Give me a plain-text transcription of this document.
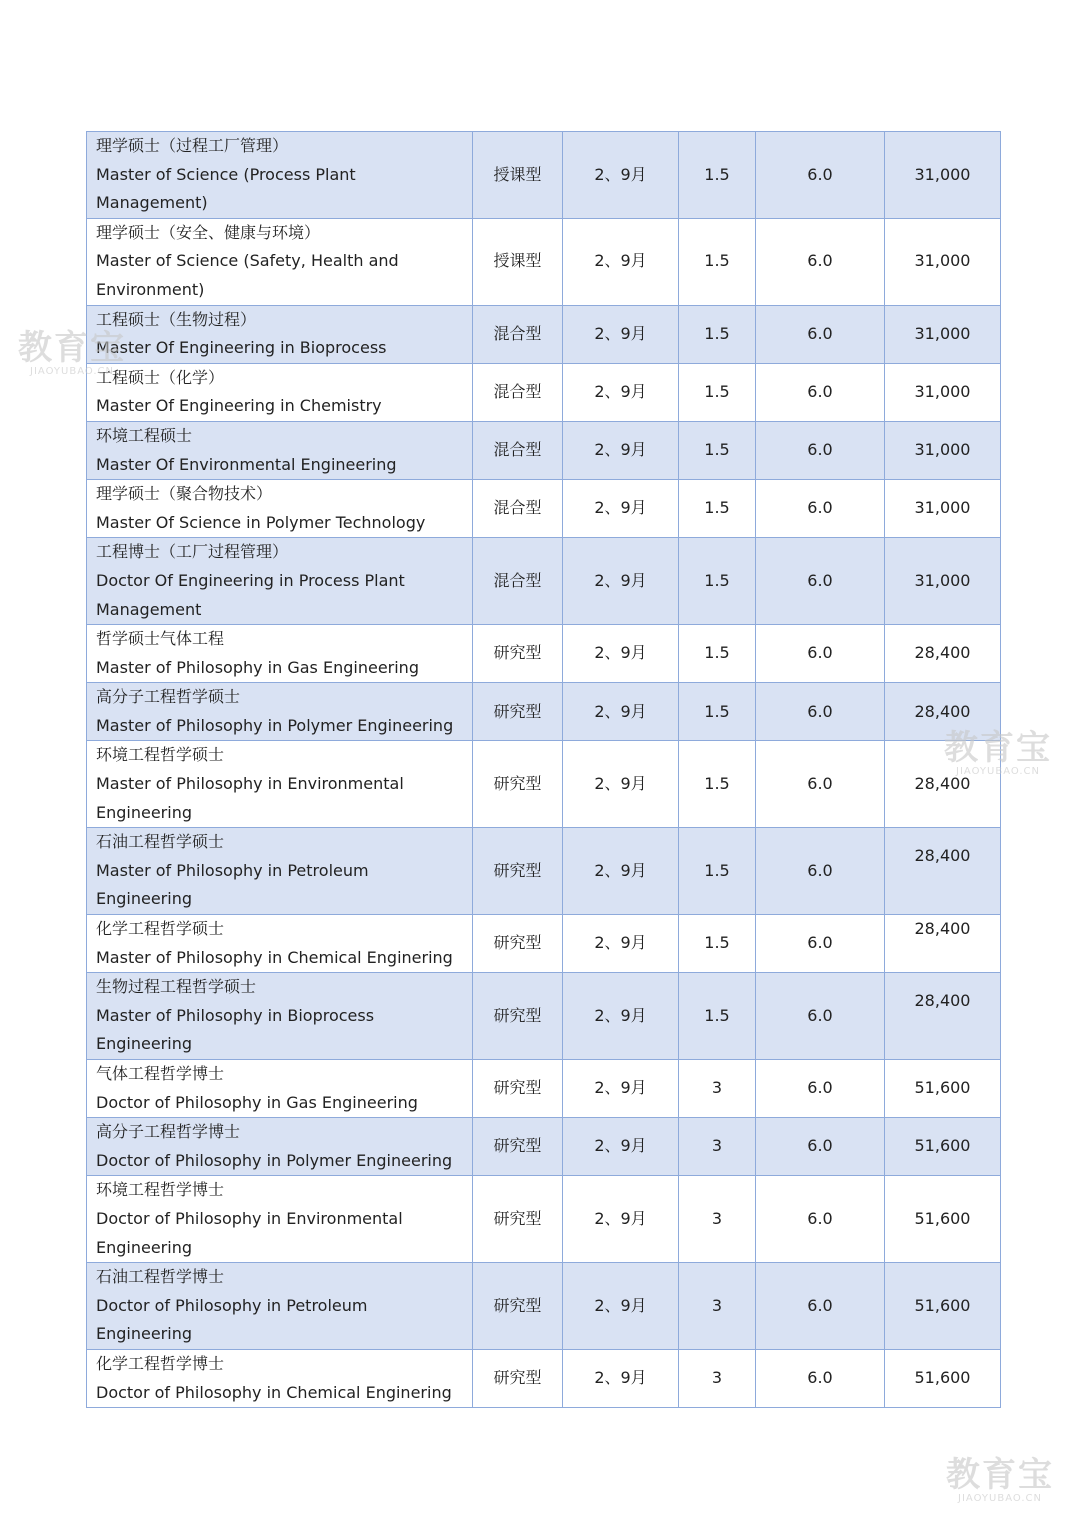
理学硕士（过程工厂管理）
Master of Science (Process Plant
Management)	授课型	2、9月	1.5	6.0	31,000

理学硕士（安全、健康与环境）
Master of Science (Safety, Health and
Environment)	授课型	2、9月	1.5	6.0	31,000

工程硕士（生物过程）
Master Of Engineering in Bioprocess	混合型	2、9月	1.5	6.0	31,000

工程硕士（化学）
Master Of Engineering in Chemistry	混合型	2、9月	1.5	6.0	31,000

环境工程硕士
Master Of Environmental Engineering	混合型	2、9月	1.5	6.0	31,000

理学硕士（聚合物技术）
Master Of Science in Polymer Technology	混合型	2、9月	1.5	6.0	31,000

工程博士（工厂过程管理）
Doctor Of Engineering in Process Plant
Management	混合型	2、9月	1.5	6.0	31,000

哲学硕士气体工程
Master of Philosophy in Gas Engineering	研究型	2、9月	1.5	6.0	28,400

高分子工程哲学硕士
Master of Philosophy in Polymer Engineering	研究型	2、9月	1.5	6.0	28,400

环境工程哲学硕士
Master of Philosophy in Environmental
Engineering	研究型	2、9月	1.5	6.0	28,400

石油工程哲学硕士
Master of Philosophy in Petroleum
Engineering	研究型	2、9月	1.5	6.0	28,400

化学工程哲学硕士
Master of Philosophy in Chemical Enginering	研究型	2、9月	1.5	6.0	28,400

生物过程工程哲学硕士
Master of Philosophy in Bioprocess
Engineering	研究型	2、9月	1.5	6.0	28,400

气体工程哲学博士
Doctor of Philosophy in Gas Engineering	研究型	2、9月	3	6.0	51,600

高分子工程哲学博士
Doctor of Philosophy in Polymer Engineering	研究型	2、9月	3	6.0	51,600

环境工程哲学博士
Doctor of Philosophy in Environmental
Engineering	研究型	2、9月	3	6.0	51,600

石油工程哲学博士
Doctor of Philosophy in Petroleum
Engineering	研究型	2、9月	3	6.0	51,600

化学工程哲学博士
Doctor of Philosophy in Chemical Enginering	研究型	2、9月	3	6.0	51,600
教育宝
JIAOYUBAO.CN
教育宝
JIAOYUBAO.CN
教育宝
JIAOYUBAO.CN
